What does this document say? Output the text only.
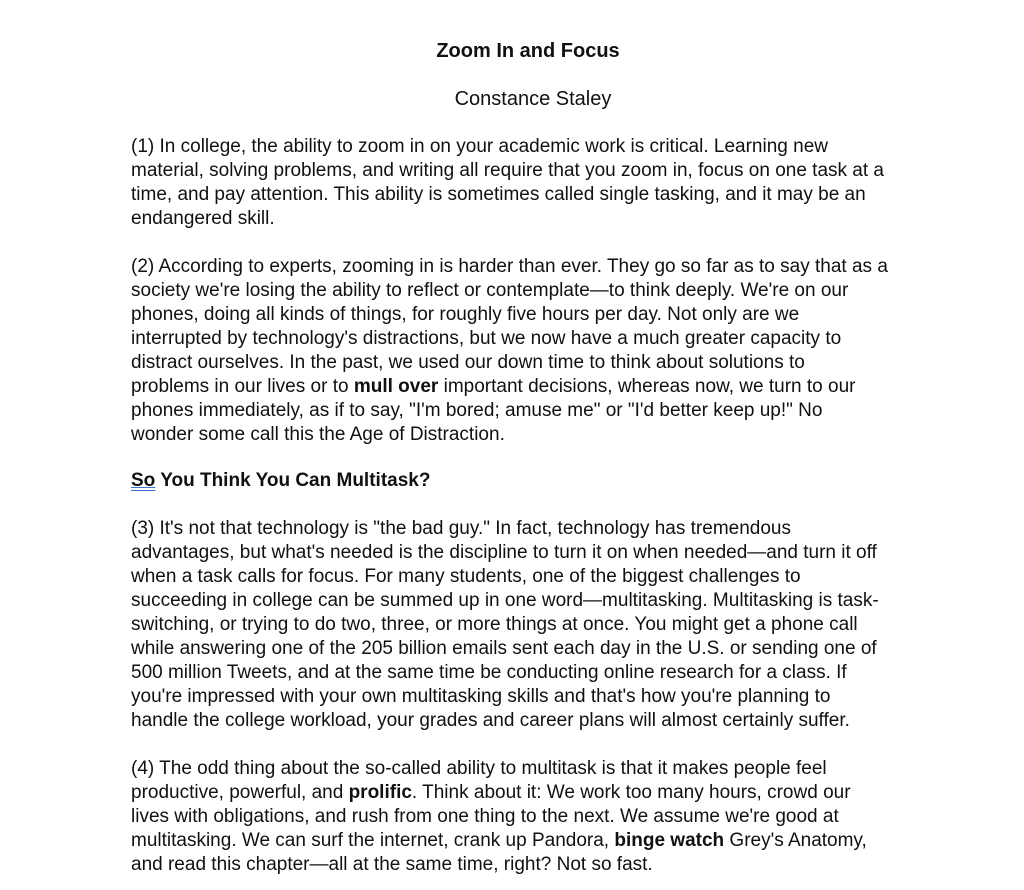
Zoom In and Focus

Constance Staley

(1) In college, the ability to zoom in on your academic work is critical. Learning new
material, solving problems, and writing all require that you zoom in, focus on one task at a
time, and pay attention. This ability is sometimes called single tasking, and it may be an
endangered skill.

(2) According to experts, zooming in is harder than ever. They go so far as to say that as a
society we're losing the ability to reflect or contemplate—to think deeply. We're on our
phones, doing all kinds of things, for roughly five hours per day. Not only are we
interrupted by technology's distractions, but we now have a much greater capacity to
distract ourselves. In the past, we used our down time to think about solutions to
problems in our lives or to mull over important decisions, whereas now, we turn to our
phones immediately, as if to say, "I'm bored; amuse me" or "I'd better keep up!" No
wonder some call this the Age of Distraction.

So You Think You Can Multitask?

(3) It's not that technology is "the bad guy." In fact, technology has tremendous
advantages, but what's needed is the discipline to turn it on when needed—and turn it off
when a task calls for focus. For many students, one of the biggest challenges to
succeeding in college can be summed up in one word—multitasking. Multitasking is task-
switching, or trying to do two, three, or more things at once. You might get a phone call
while answering one of the 205 billion emails sent each day in the U.S. or sending one of
500 million Tweets, and at the same time be conducting online research for a class. If
you're impressed with your own multitasking skills and that's how you're planning to
handle the college workload, your grades and career plans will almost certainly suffer.

(4) The odd thing about the so-called ability to multitask is that it makes people feel
productive, powerful, and prolific. Think about it: We work too many hours, crowd our
lives with obligations, and rush from one thing to the next. We assume we're good at
multitasking. We can surf the internet, crank up Pandora, binge watch Grey's Anatomy,
and read this chapter—all at the same time, right? Not so fast.
